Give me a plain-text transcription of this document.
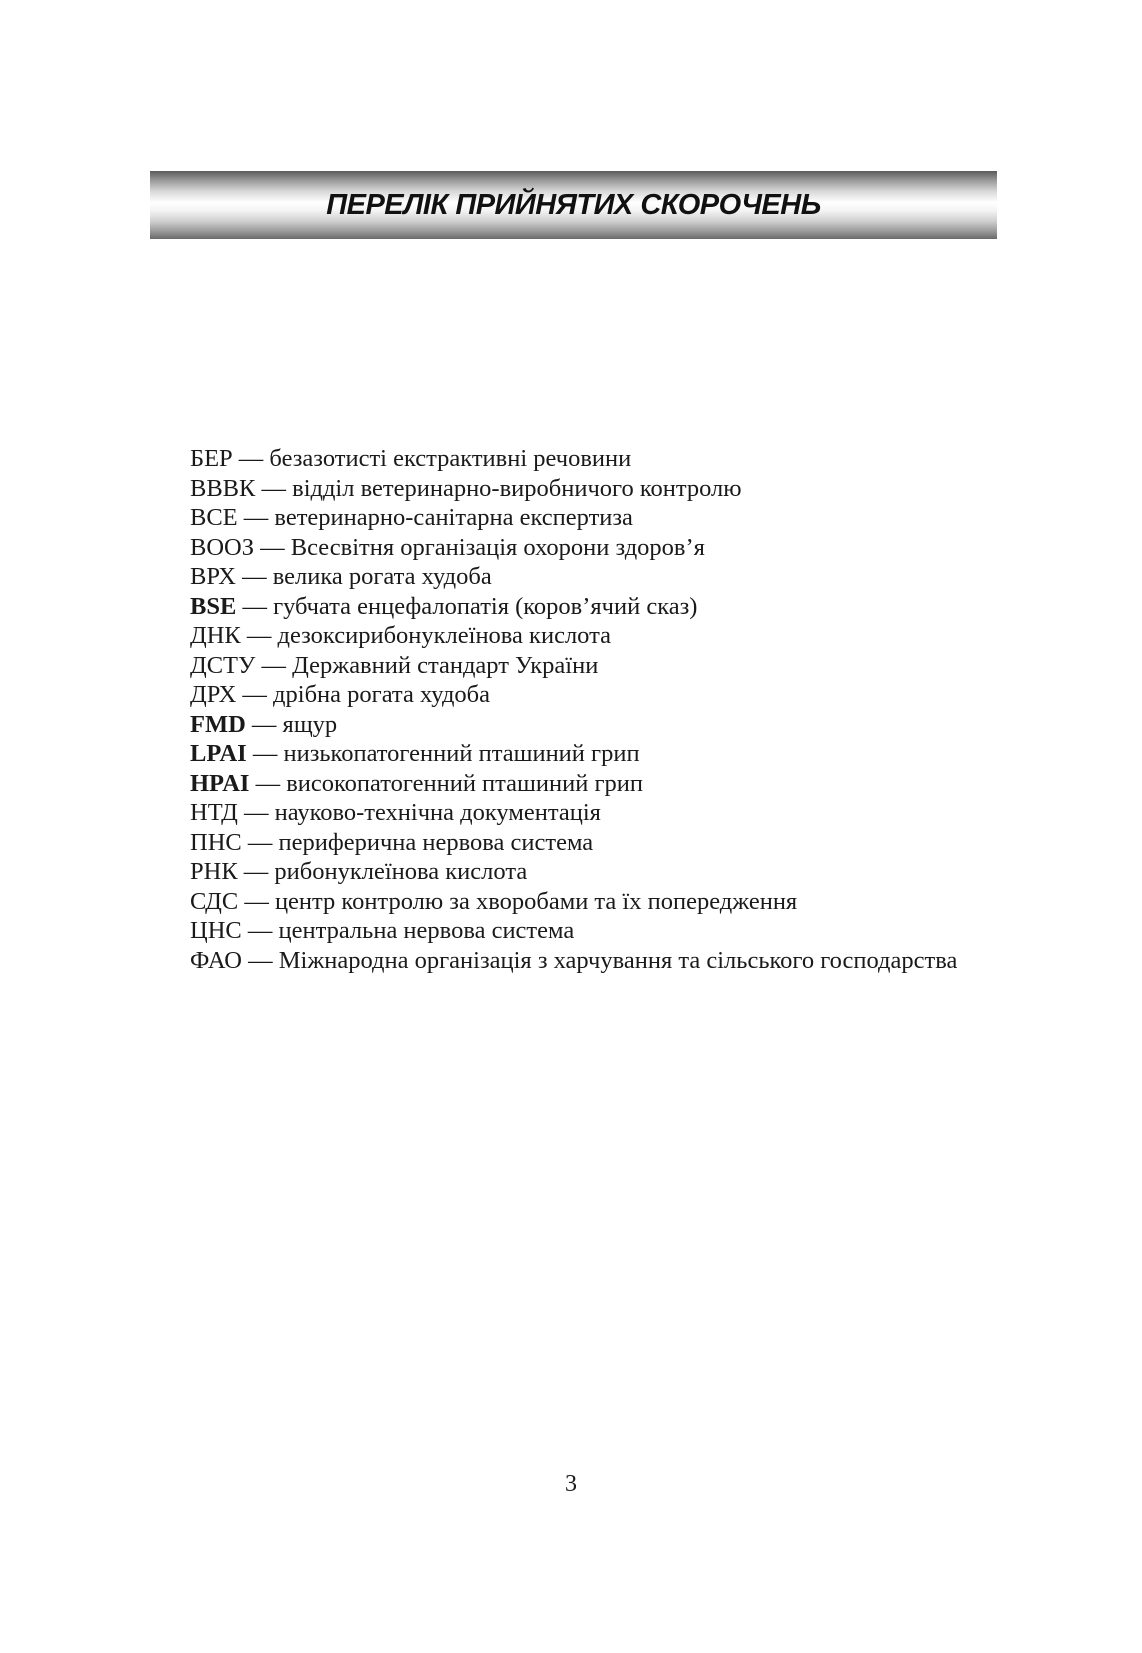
ПЕРЕЛІК ПРИЙНЯТИХ СКОРОЧЕНЬ
БЕР — безазотисті екстрактивні речовини
ВВВК — відділ ветеринарно-виробничого контролю
ВСЕ — ветеринарно-санітарна експертиза
ВООЗ — Всесвітня організація охорони здоров’я
ВРХ — велика рогата худоба
BSE — губчата енцефалопатія (коров’ячий сказ)
ДНК — дезоксирибонуклеїнова кислота
ДСТУ — Державний стандарт України
ДРХ — дрібна рогата худоба
FMD — ящур
LPAI — низькопатогенний пташиний грип
HPAI — високопатогенний пташиний грип
НТД — науково-технічна документація
ПНС — периферична нервова система
РНК — рибонуклеїнова кислота
СДС — центр контролю за хворобами та їх попередження
ЦНС — центральна нервова система
ФАО — Міжнародна організація з харчування та сільського господарства
3
